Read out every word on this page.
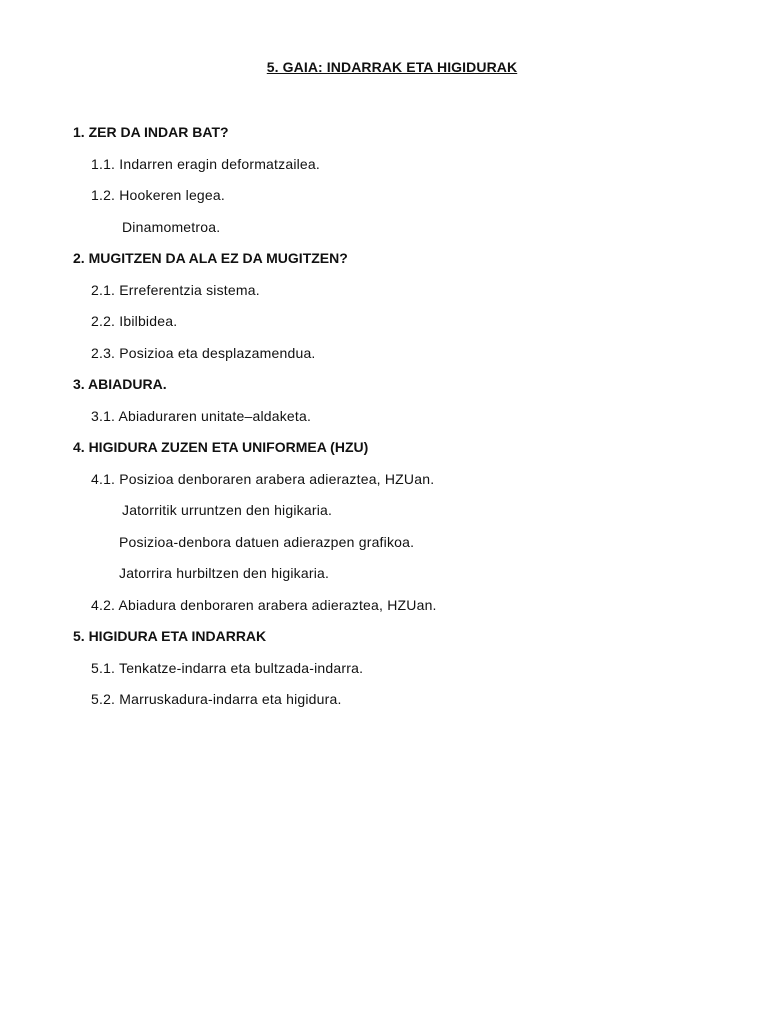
5. GAIA: INDARRAK ETA HIGIDURAK
1. ZER DA INDAR BAT?
1.1. Indarren eragin deformatzailea.
1.2. Hookeren legea.
Dinamometroa.
2. MUGITZEN DA ALA EZ DA MUGITZEN?
2.1. Erreferentzia sistema.
2.2. Ibilbidea.
2.3. Posizioa eta desplazamendua.
3. ABIADURA.
3.1. Abiaduraren unitate–aldaketa.
4. HIGIDURA ZUZEN ETA UNIFORMEA (HZU)
4.1. Posizioa denboraren arabera adieraztea, HZUan.
Jatorritik urruntzen den higikaria.
Posizioa-denbora datuen adierazpen grafikoa.
Jatorrira hurbiltzen den higikaria.
4.2. Abiadura denboraren arabera adieraztea, HZUan.
5. HIGIDURA ETA INDARRAK
5.1. Tenkatze-indarra eta bultzada-indarra.
5.2. Marruskadura-indarra eta higidura.
